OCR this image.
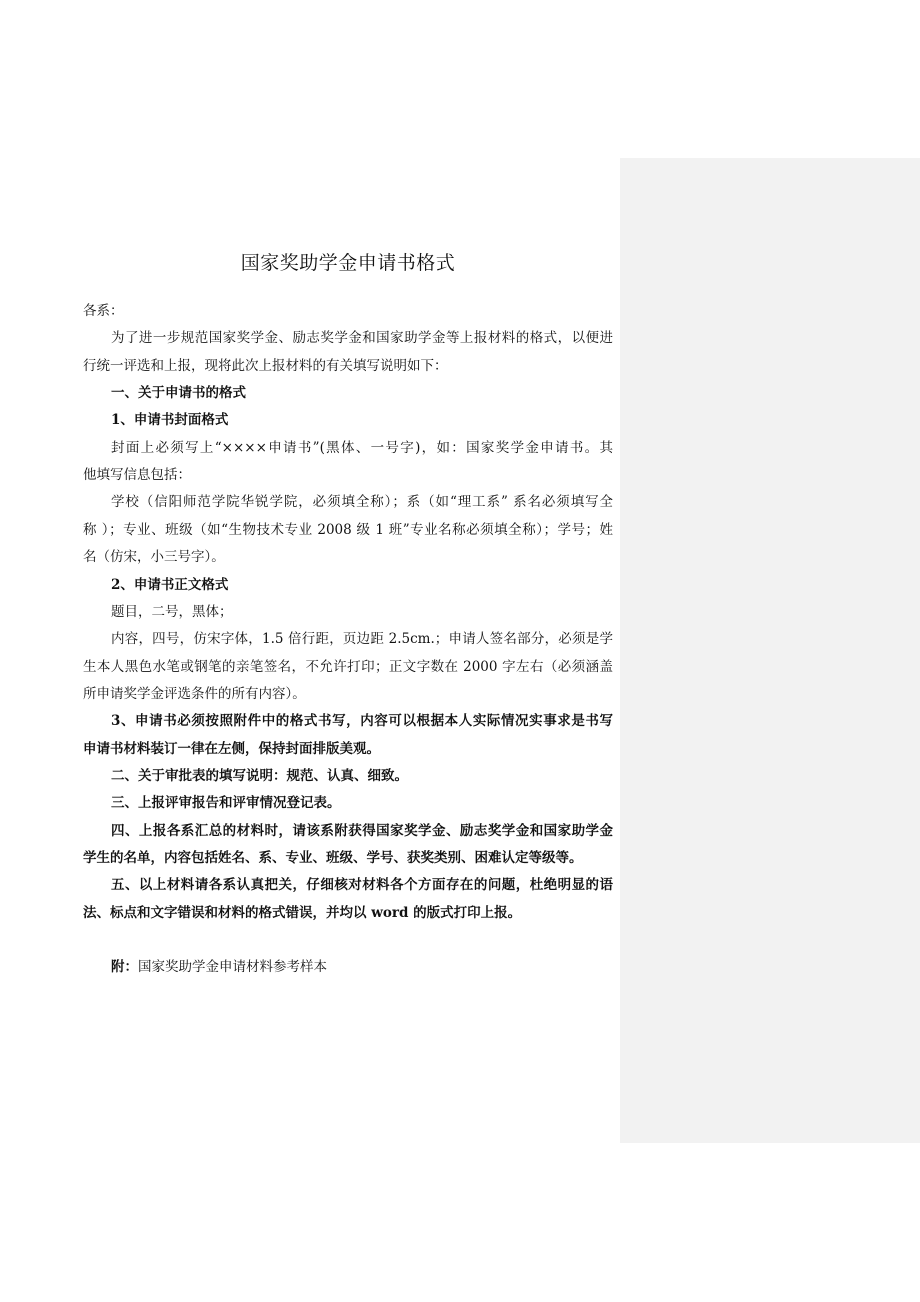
国家奖助学金申请书格式
各系：
为了进一步规范国家奖学金、励志奖学金和国家助学金等上报材料的格式，以便进
行统一评选和上报，现将此次上报材料的有关填写说明如下：
一、关于申请书的格式
1、申请书封面格式
封面上必须写上“××××申请书”(黑体、一号字)，如：国家奖学金申请书。其
他填写信息包括：
学校（信阳师范学院华锐学院，必须填全称）；系（如“理工系” 系名必须填写全
称 ）；专业、班级（如“生物技术专业 2008 级 1 班”专业名称必须填全称）；学号；姓
名（仿宋，小三号字）。
2、申请书正文格式
题目，二号，黑体；
内容，四号，仿宋字体，1.5 倍行距，页边距 2.5cm.；申请人签名部分，必须是学
生本人黑色水笔或钢笔的亲笔签名，不允许打印；正文字数在 2000 字左右（必须涵盖
所申请奖学金评选条件的所有内容）。
3、申请书必须按照附件中的格式书写，内容可以根据本人实际情况实事求是书写
申请书材料装订一律在左侧，保持封面排版美观。
二、关于审批表的填写说明：规范、认真、细致。
三、上报评审报告和评审情况登记表。
四、上报各系汇总的材料时，请该系附获得国家奖学金、励志奖学金和国家助学金
学生的名单，内容包括姓名、系、专业、班级、学号、获奖类别、困难认定等级等。
五、以上材料请各系认真把关，仔细核对材料各个方面存在的问题，杜绝明显的语
法、标点和文字错误和材料的格式错误，并均以 word 的版式打印上报。
附：国家奖助学金申请材料参考样本
